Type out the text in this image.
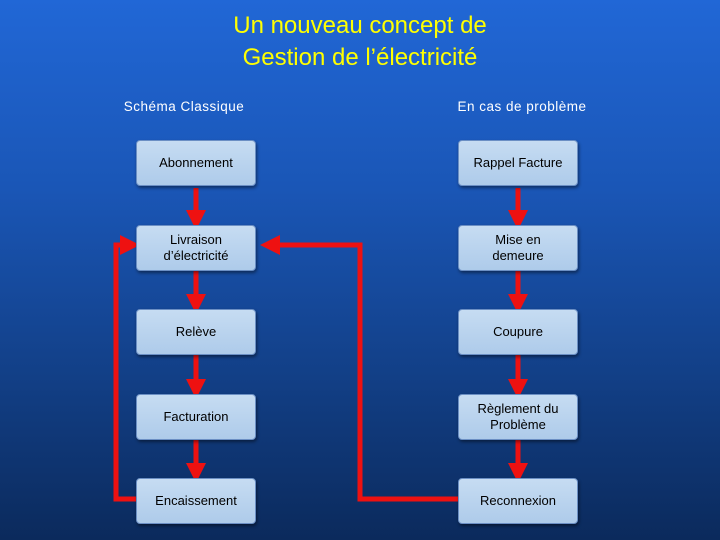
Un nouveau concept de
Gestion de l’électricité
Schéma Classique	En cas de problème
Abonnement
Livraison
d’électricité
Relève
Facturation
Encaissement
Rappel Facture
Mise en
demeure
Coupure
Règlement du
Problème
Reconnexion
